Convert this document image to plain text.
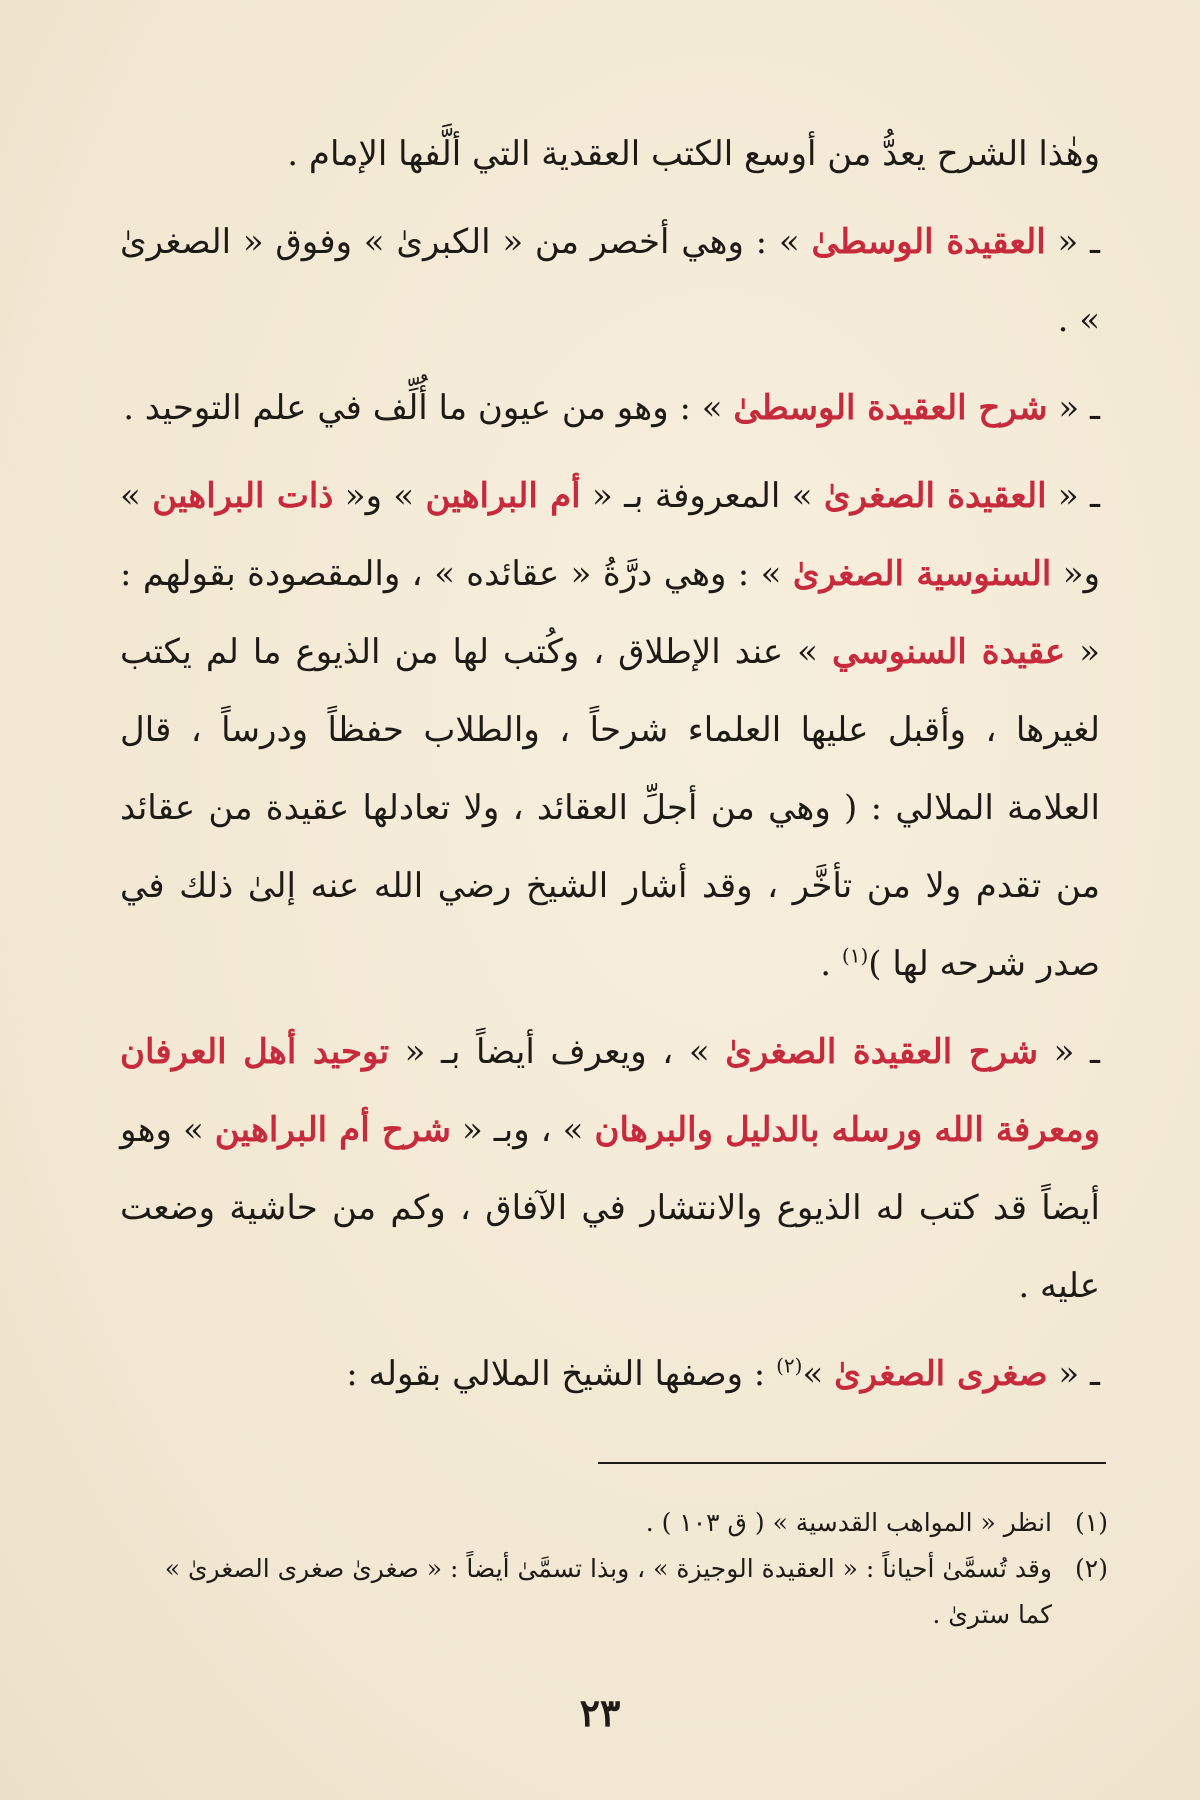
وهٰذا الشرح يعدُّ من أوسع الكتب العقدية التي ألَّفها الإمام .

ـ « العقيدة الوسطىٰ » : وهي أخصر من « الكبرىٰ » وفوق « الصغرىٰ » .

ـ « شرح العقيدة الوسطىٰ » : وهو من عيون ما أُلِّف في علم التوحيد .

ـ « العقيدة الصغرىٰ » المعروفة بـ « أم البراهين » و« ذات البراهين » و« السنوسية الصغرىٰ » : وهي درَّةُ « عقائده » ، والمقصودة بقولهم : « عقيدة السنوسي » عند الإطلاق ، وكُتب لها من الذيوع ما لم يكتب لغيرها ، وأقبل عليها العلماء شرحاً ، والطلاب حفظاً ودرساً ، قال العلامة الملالي : ( وهي من أجلِّ العقائد ، ولا تعادلها عقيدة من عقائد من تقدم ولا من تأخَّر ، وقد أشار الشيخ رضي الله عنه إلىٰ ذلك في صدر شرحه لها )$^{(١)}$ .

ـ « شرح العقيدة الصغرىٰ » ، ويعرف أيضاً بـ « توحيد أهل العرفان ومعرفة الله ورسله بالدليل والبرهان » ، وبـ « شرح أم البراهين » وهو أيضاً قد كتب له الذيوع والانتشار في الآفاق ، وكم من حاشية وضعت عليه .

ـ « صغرى الصغرىٰ »$^{(٢)}$ : وصفها الشيخ الملالي بقوله :

(١)
انظر « المواهب القدسية » ( ق ١٠٣ ) .
(٢)
وقد تُسمَّىٰ أحياناً : « العقيدة الوجيزة » ، وبذا تسمَّىٰ أيضاً : « صغرىٰ صغرى الصغرىٰ » كما سترىٰ .
٢٣
